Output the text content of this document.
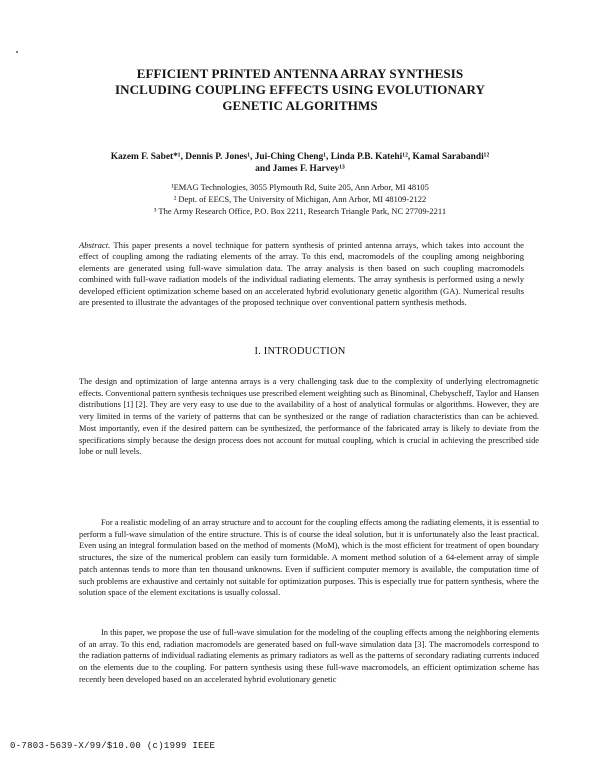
EFFICIENT PRINTED ANTENNA ARRAY SYNTHESIS
INCLUDING COUPLING EFFECTS USING EVOLUTIONARY
GENETIC ALGORITHMS
Kazem F. Sabet*¹, Dennis P. Jones¹, Jui-Ching Cheng¹, Linda P.B. Katehi¹², Kamal Sarabandi¹²
and James F. Harvey¹³
¹EMAG Technologies, 3055 Plymouth Rd, Suite 205, Ann Arbor, MI 48105
² Dept. of EECS, The University of Michigan, Ann Arbor, MI 48109-2122
³ The Army Research Office, P.O. Box 2211, Research Triangle Park, NC 27709-2211
Abstract. This paper presents a novel technique for pattern synthesis of printed antenna arrays, which takes into account the effect of coupling among the radiating elements of the array. To this end, macromodels of the coupling among neighboring elements are generated using full-wave simulation data. The array analysis is then based on such coupling macromodels combined with full-wave radiation models of the individual radiating elements. The array synthesis is performed using a newly developed efficient optimization scheme based on an accelerated hybrid evolutionary genetic algorithm (GA). Numerical results are presented to illustrate the advantages of the proposed technique over conventional pattern synthesis methods.
I. INTRODUCTION
The design and optimization of large antenna arrays is a very challenging task due to the complexity of underlying electromagnetic effects. Conventional pattern synthesis techniques use prescribed element weighting such as Binominal, Chebyscheff, Taylor and Hansen distributions [1] [2]. They are very easy to use due to the availability of a host of analytical formulas or algorithms. However, they are very limited in terms of the variety of patterns that can be synthesized or the range of radiation characteristics than can be achieved. Most importantly, even if the desired pattern can be synthesized, the performance of the fabricated array is likely to deviate from the specifications simply because the design process does not account for mutual coupling, which is crucial in achieving the prescribed side lobe or null levels.
For a realistic modeling of an array structure and to account for the coupling effects among the radiating elements, it is essential to perform a full-wave simulation of the entire structure. This is of course the ideal solution, but it is unfortunately also the least practical. Even using an integral formulation based on the method of moments (MoM), which is the most efficient for treatment of open boundary structures, the size of the numerical problem can easily turn formidable. A moment method solution of a 64-element array of simple patch antennas tends to more than ten thousand unknowns. Even if sufficient computer memory is available, the computation time of such problems are exhaustive and certainly not suitable for optimization purposes. This is especially true for pattern synthesis, where the solution space of the element excitations is usually colossal.
In this paper, we propose the use of full-wave simulation for the modeling of the coupling effects among the neighboring elements of an array. To this end, radiation macromodels are generated based on full-wave simulation data [3]. The macromodels correspond to the radiation patterns of individual radiating elements as primary radiators as well as the patterns of secondary radiating currents induced on the elements due to the coupling. For pattern synthesis using these full-wave macromodels, an efficient optimization scheme has recently been developed based on an accelerated hybrid evolutionary genetic
0-7803-5639-X/99/$10.00 (c)1999 IEEE
